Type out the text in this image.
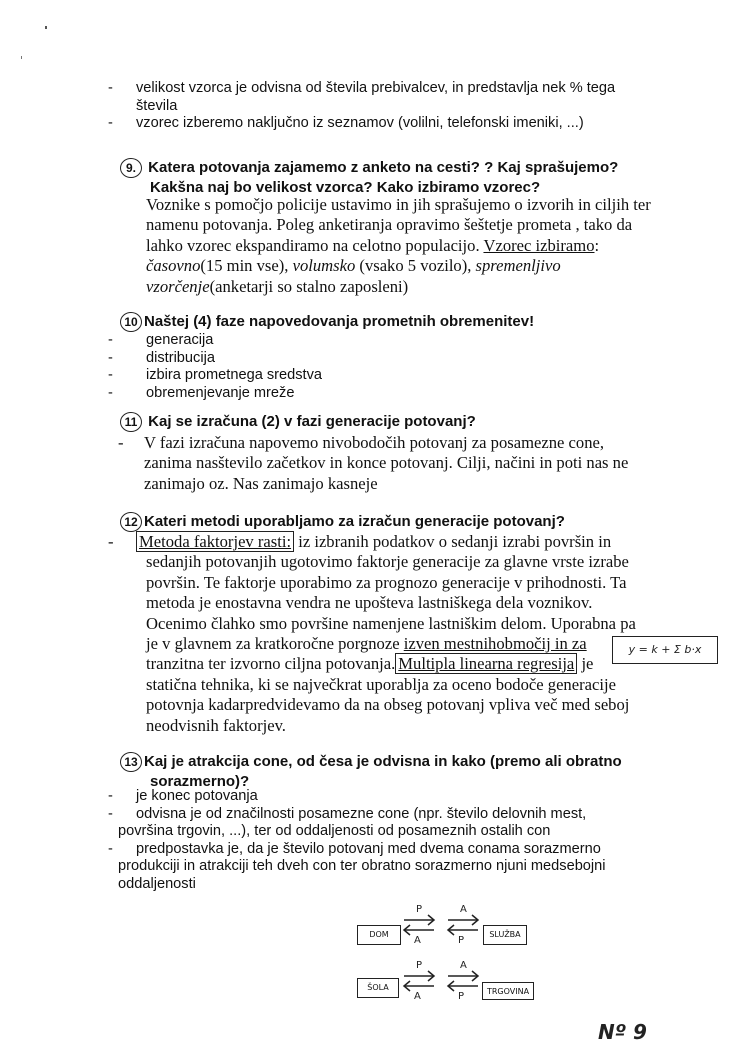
- velikost vzorca je odvisna od števila prebivalcev, in predstavlja nek % tega
števila
- vzorec izberemo naključno iz seznamov (volilni, telefonski imeniki, ...)
9. Katera potovanja zajamemo z anketo na cesti? ? Kaj sprašujemo?
Kakšna naj bo velikost vzorca? Kako izbiramo vzorec?
Voznike s pomočjo policije ustavimo in jih sprašujemo o izvorih in ciljih ter
namenu potovanja. Poleg anketiranja opravimo šeštetje prometa , tako da
lahko vzorec ekspandiramo na celotno populacijo. Vzorec izbiramo:
časovno(15 min vse), volumsko (vsako 5 vozilo), spremenljivo
vzorčenje(anketarji so stalno zaposleni)
10 Naštej (4) faze napovedovanja prometnih obremenitev!
- generacija
- distribucija
- izbira prometnega sredstva
- obremenjevanje mreže
11 Kaj se izračuna (2) v fazi generacije potovanj?
- V fazi izračuna napovemo nivobodočih potovanj za posamezne cone,
zanima nasštevilo začetkov in konce potovanj. Cilji, načini in poti nas ne
zanimajo oz. Nas zanimajo kasneje
12 Kateri metodi uporabljamo za izračun generacije potovanj?
- Metoda faktorjev rasti: iz izbranih podatkov o sedanji izrabi površin in
sedanjih potovanjih ugotovimo faktorje generacije za glavne vrste izrabe
površin. Te faktorje uporabimo za prognozo generacije v prihodnosti. Ta
metoda je enostavna vendra ne upošteva lastniškega dela voznikov.
Ocenimo člahko smo površine namenjene lastniškim delom. Uporabna pa
je v glavnem za kratkoročne porgnoze izven mestnihobmočij in za
tranzitna ter izvorno ciljna potovanja. Multipla linearna regresija je
statična tehnika, ki se največkrat uporablja za oceno bodoče generacije
potovnja kadarpredvidevamo da na obseg potovanj vpliva več med seboj
neodvisnih faktorjev.
y = k + Σ b·x
13 Kaj je atrakcija cone, od česa je odvisna in kako (premo ali obratno
sorazmerno)?
- je konec potovanja
- odvisna je od značilnosti posamezne cone (npr. število delovnih mest,
površina trgovin, ...), ter od oddaljenosti od posameznih ostalih con
- predpostavka je, da je število potovanj med dvema conama sorazmerno
produkciji in atrakciji teh dveh con ter obratno sorazmerno njuni medsebojni
oddaljenosti
DOM	SLUŽBA
ŠOLA	TRGOVINA
P
A
A
P
P
A
A
P
Nº 9
